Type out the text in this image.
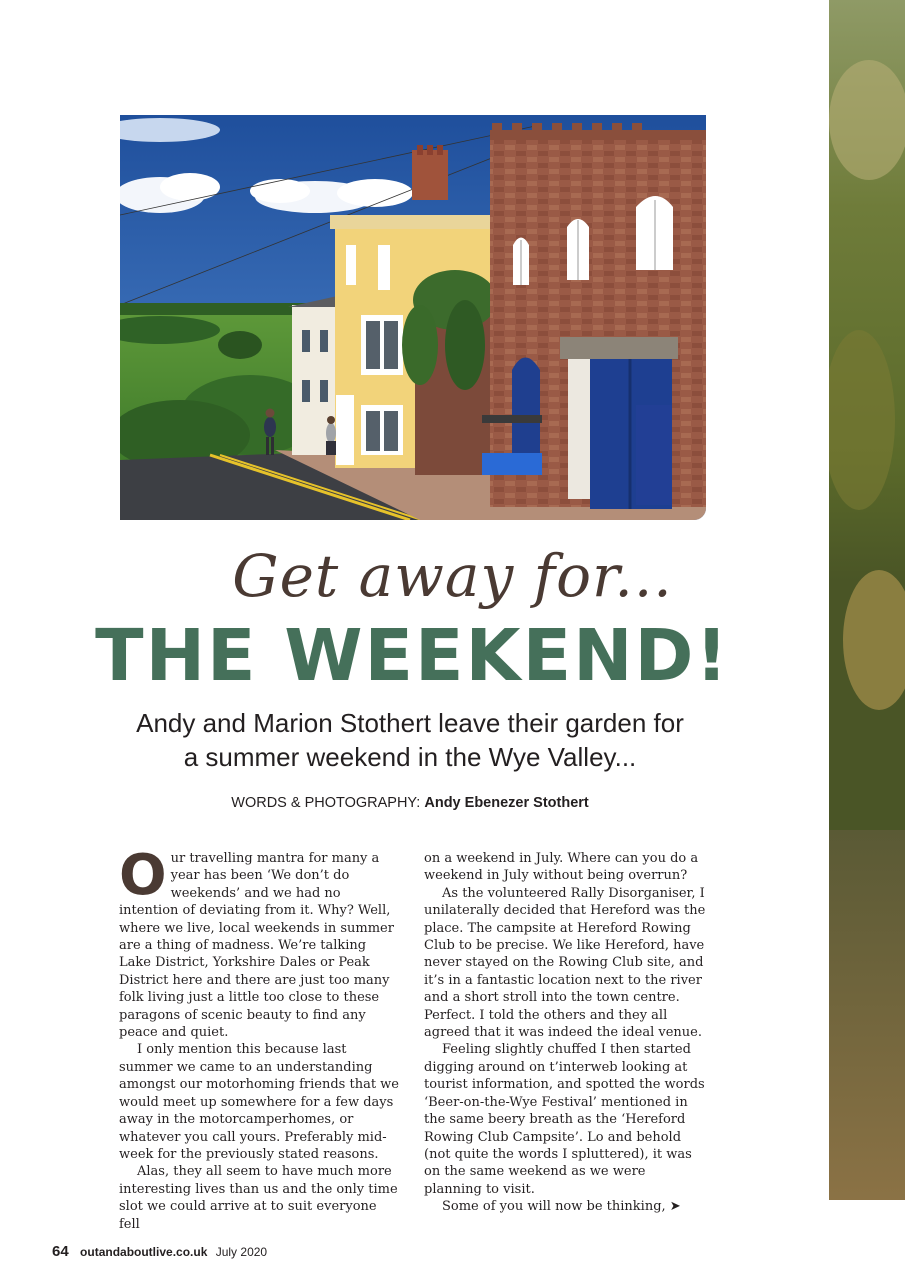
Get away for...
THE WEEKEND!
Andy and Marion Stothert leave their garden for
a summer weekend in the Wye Valley...
WORDS & PHOTOGRAPHY: Andy Ebenezer Stothert

Our travelling mantra for many a year has been ‘We don’t do weekends’ and we had no intention of deviating from it. Why? Well, where we live, local weekends in summer are a thing of madness. We’re talking Lake District, Yorkshire Dales or Peak District here and there are just too many folk living just a little too close to these paragons of scenic beauty to find any peace and quiet.

I only mention this because last summer we came to an understanding amongst our motorhoming friends that we would meet up somewhere for a few days away in the motorcamperhomes, or whatever you call yours. Preferably mid-week for the previously stated reasons.

Alas, they all seem to have much more interesting lives than us and the only time slot we could arrive at to suit everyone fell

on a weekend in July. Where can you do a weekend in July without being overrun?

As the volunteered Rally Disorganiser, I unilaterally decided that Hereford was the place. The campsite at Hereford Rowing Club to be precise. We like Hereford, have never stayed on the Rowing Club site, and it’s in a fantastic location next to the river and a short stroll into the town centre. Perfect. I told the others and they all agreed that it was indeed the ideal venue.

Feeling slightly chuffed I then started digging around on t’interweb looking at tourist information, and spotted the words ‘Beer-on-the-Wye Festival’ mentioned in the same beery breath as the ‘Hereford Rowing Club Campsite’. Lo and behold (not quite the words I spluttered), it was on the same weekend as we were planning to visit.

Some of you will now be thinking, ➤

64 outandaboutlive.co.uk July 2020
